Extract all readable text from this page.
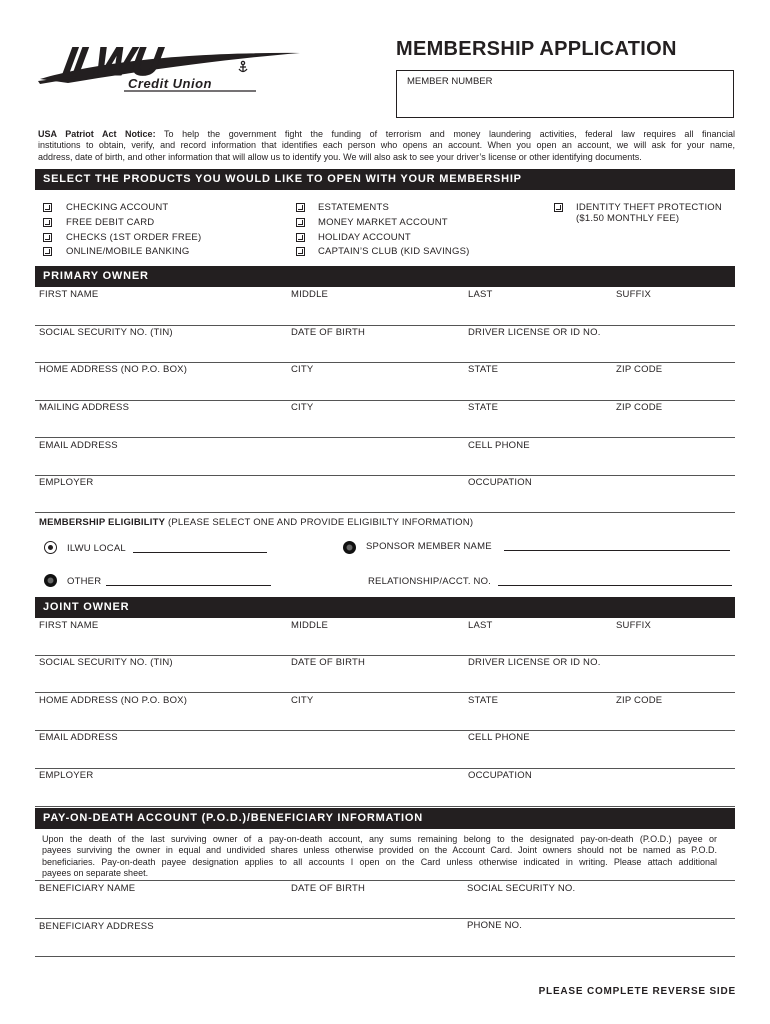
ILWU
Credit Union
MEMBERSHIP APPLICATION
MEMBER NUMBER
USA Patriot Act Notice: To help the government fight the funding of terrorism and money laundering activities, federal law requires all financial
institutions to obtain, verify, and record information that identifies each person who opens an account. When you open an account, we will ask for your name,
address, date of birth, and other information that will allow us to identify you. We will also ask to see your driver’s license or other identifying documents.
SELECT THE PRODUCTS YOU WOULD LIKE TO OPEN WITH YOUR MEMBERSHIP
CHECKING ACCOUNT
FREE DEBIT CARD
CHECKS (1ST ORDER FREE)
ONLINE/MOBILE BANKING
ESTATEMENTS
MONEY MARKET ACCOUNT
HOLIDAY ACCOUNT
CAPTAIN’S CLUB (KID SAVINGS)
IDENTITY THEFT PROTECTION
($1.50 MONTHLY FEE)
PRIMARY OWNER
FIRST NAME	MIDDLE	LAST	SUFFIX
SOCIAL SECURITY NO. (TIN)	DATE OF BIRTH	DRIVER LICENSE OR ID NO.
HOME ADDRESS (NO P.O. BOX)	CITY	STATE	ZIP CODE
MAILING ADDRESS	CITY	STATE	ZIP CODE
EMAIL ADDRESS	CELL PHONE
EMPLOYER	OCCUPATION
MEMBERSHIP ELIGIBILITY (PLEASE SELECT ONE AND PROVIDE ELIGIBILTY INFORMATION)
ILWU LOCAL	SPONSOR MEMBER NAME
OTHER	RELATIONSHIP/ACCT. NO.
JOINT OWNER
FIRST NAME	MIDDLE	LAST	SUFFIX
SOCIAL SECURITY NO. (TIN)	DATE OF BIRTH	DRIVER LICENSE OR ID NO.
HOME ADDRESS (NO P.O. BOX)	CITY	STATE	ZIP CODE
EMAIL ADDRESS	CELL PHONE
EMPLOYER	OCCUPATION
PAY-ON-DEATH ACCOUNT (P.O.D.)/BENEFICIARY INFORMATION
Upon the death of the last surviving owner of a pay-on-death account, any sums remaining belong to the designated pay-on-death (P.O.D.) payee or
payees surviving the owner in equal and undivided shares unless otherwise provided on the Account Card. Joint owners should not be named as P.O.D.
beneficiaries. Pay-on-death payee designation applies to all accounts I open on the Card unless otherwise indicated in writing. Please attach additional
payees on separate sheet.
BENEFICIARY NAME	DATE OF BIRTH	SOCIAL SECURITY NO.
BENEFICIARY ADDRESS	PHONE NO.
PLEASE COMPLETE REVERSE SIDE
